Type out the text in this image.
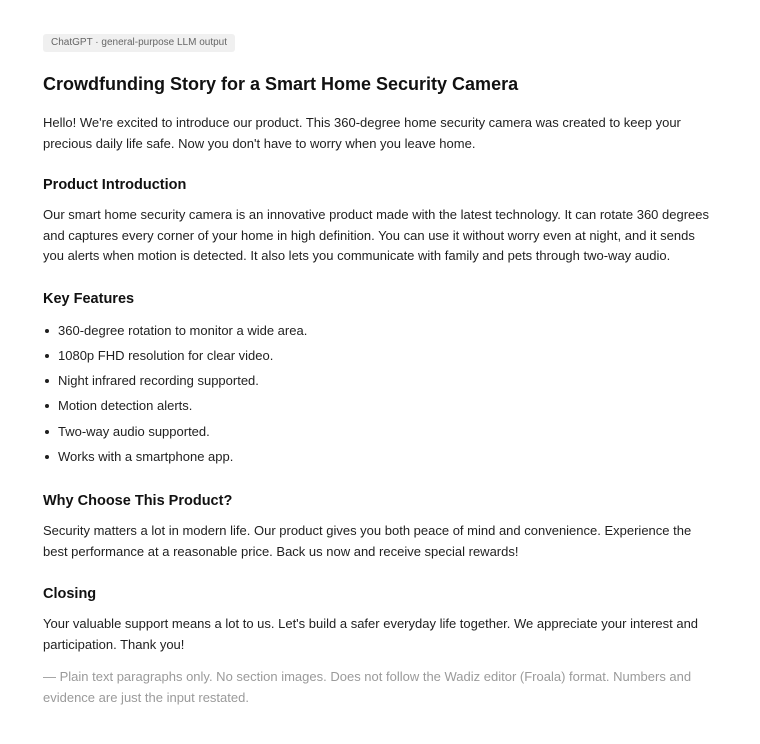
ChatGPT · general-purpose LLM output
Crowdfunding Story for a Smart Home Security Camera

Hello! We're excited to introduce our product. This 360-degree home security camera was created to keep your precious daily life safe. Now you don't have to worry when you leave home.

Product Introduction

Our smart home security camera is an innovative product made with the latest technology. It can rotate 360 degrees and captures every corner of your home in high definition. You can use it without worry even at night, and it sends you alerts when motion is detected. It also lets you communicate with family and pets through two-way audio.

Key Features
360-degree rotation to monitor a wide area.
1080p FHD resolution for clear video.
Night infrared recording supported.
Motion detection alerts.
Two-way audio supported.
Works with a smartphone app.
Why Choose This Product?

Security matters a lot in modern life. Our product gives you both peace of mind and convenience. Experience the best performance at a reasonable price. Back us now and receive special rewards!

Closing

Your valuable support means a lot to us. Let's build a safer everyday life together. We appreciate your interest and participation. Thank you!

— Plain text paragraphs only. No section images. Does not follow the Wadiz editor (Froala) format. Numbers and evidence are just the input restated.
